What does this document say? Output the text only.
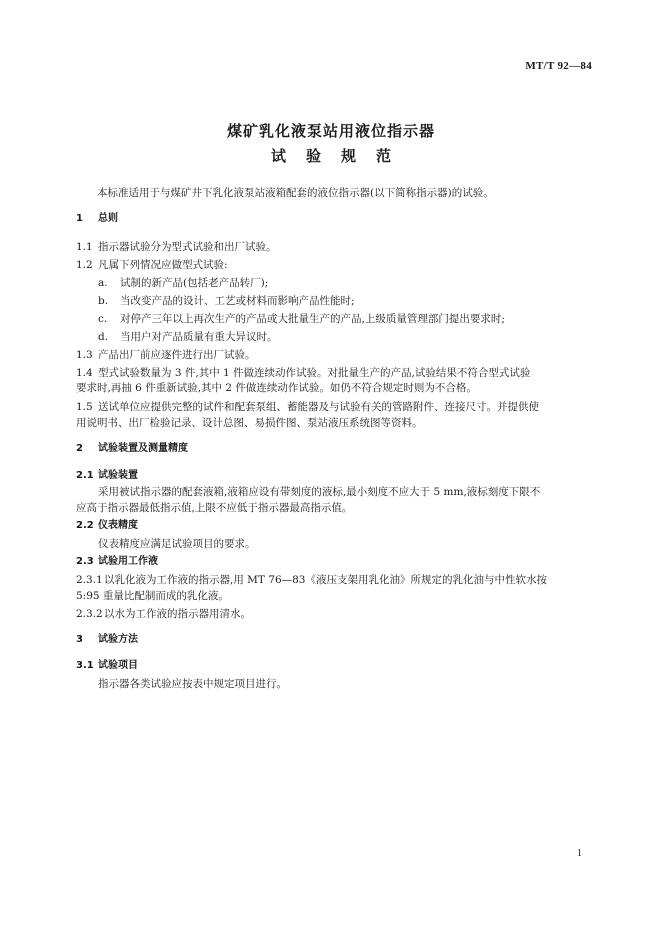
MT/T 92—84
煤矿乳化液泵站用液位指示器
试验规范
本标准适用于与煤矿井下乳化液泵站液箱配套的液位指示器(以下简称指示器)的试验。
1 总则
1.1 指示器试验分为型式试验和出厂试验。
1.2 凡属下列情况应做型式试验:
a. 试制的新产品(包括老产品转厂);
b. 当改变产品的设计、工艺或材料而影响产品性能时;
c. 对停产三年以上再次生产的产品或大批量生产的产品,上级质量管理部门提出要求时;
d. 当用户对产品质量有重大异议时。
1.3 产品出厂前应逐件进行出厂试验。
1.4 型式试验数量为 3 件,其中 1 件做连续动作试验。对批量生产的产品,试验结果不符合型式试验
要求时,再抽 6 件重新试验,其中 2 件做连续动作试验。如仍不符合规定时则为不合格。
1.5 送试单位应提供完整的试件和配套泵组、蓄能器及与试验有关的管路附件、连接尺寸。并提供使
用说明书、出厂检验记录、设计总图、易损件图、泵站液压系统图等资料。
2 试验装置及测量精度
2.1 试验装置
采用被试指示器的配套液箱,液箱应设有带刻度的液标,最小刻度不应大于 5 mm,液标刻度下限不
应高于指示器最低指示值,上限不应低于指示器最高指示值。
2.2 仪表精度
仪表精度应满足试验项目的要求。
2.3 试验用工作液
2.3.1以乳化液为工作液的指示器,用 MT 76—83《液压支架用乳化油》所规定的乳化油与中性软水按
5:95 重量比配制而成的乳化液。
2.3.2以水为工作液的指示器用清水。
3 试验方法
3.1 试验项目
指示器各类试验应按表中规定项目进行。
1
